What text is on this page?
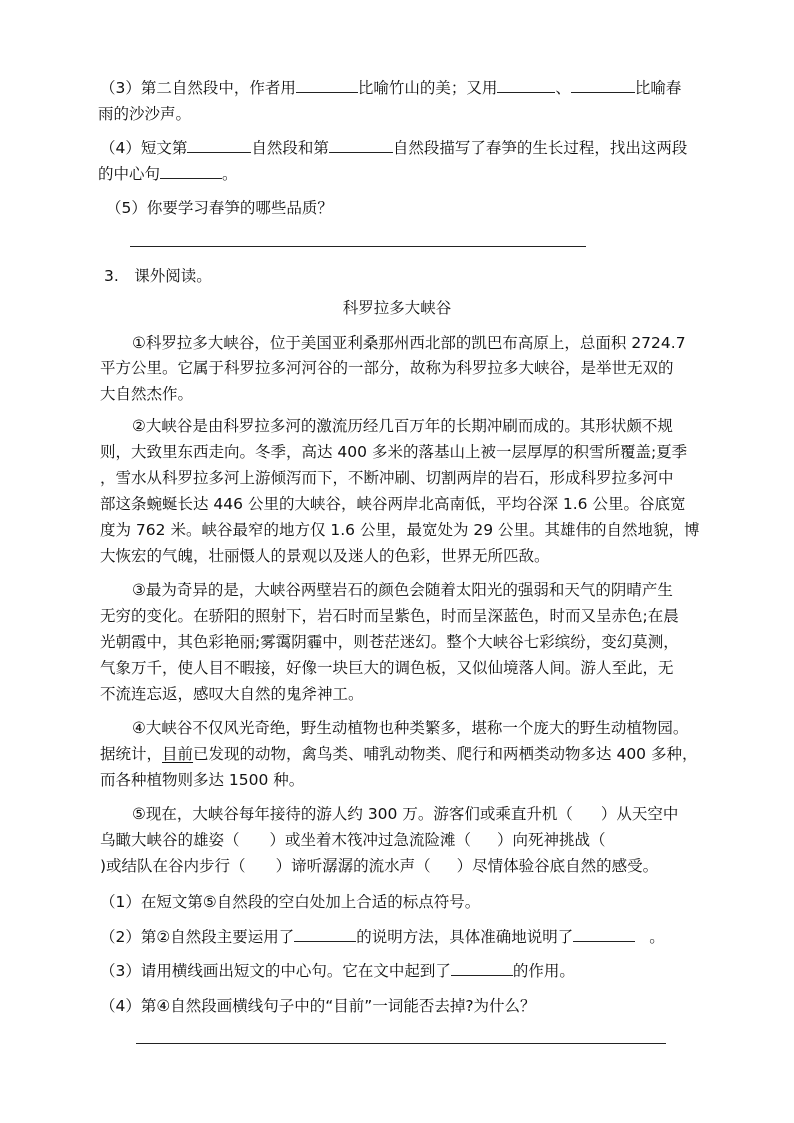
（3）第二自然段中，作者用	比喻竹山的美；又用	、	比喻春
雨的沙沙声。
（4）短文第	自然段和第	自然段描写了春笋的生长过程，找出这两段
的中心句	。
（5）你要学习春笋的哪些品质？
3.　课外阅读。
科罗拉多大峡谷
①科罗拉多大峡谷，位于美国亚利桑那州西北部的凯巴布高原上，总面积 2724.7
平方公里。它属于科罗拉多河河谷的一部分，故称为科罗拉多大峡谷，是举世无双的
大自然杰作。
②大峡谷是由科罗拉多河的激流历经几百万年的长期冲刷而成的。其形状颇不规
则，大致里东西走向。冬季，高达 400 多米的落基山上被一层厚厚的积雪所覆盖;夏季
，雪水从科罗拉多河上游倾泻而下，不断冲刷、切割两岸的岩石，形成科罗拉多河中
部这条蜿蜒长达 446 公里的大峡谷，峡谷两岸北高南低，平均谷深 1.6 公里。谷底宽
度为 762 米。峡谷最窄的地方仅 1.6 公里，最宽处为 29 公里。其雄伟的自然地貌，博
大恢宏的气魄，壮丽慑人的景观以及迷人的色彩，世界无所匹敌。
③最为奇异的是，大峡谷两壁岩石的颜色会随着太阳光的强弱和天气的阴晴产生
无穷的变化。在骄阳的照射下，岩石时而呈紫色，时而呈深蓝色，时而又呈赤色;在晨
光朝霞中，其色彩艳丽;雾霭阴霾中，则苍茫迷幻。整个大峡谷七彩缤纷，变幻莫测，
气象万千，使人目不暇接，好像一块巨大的调色板，又似仙境落人间。游人至此，无
不流连忘返，感叹大自然的鬼斧神工。
④大峡谷不仅风光奇绝，野生动植物也种类繁多，堪称一个庞大的野生动植物园。
据统计，目前已发现的动物，禽鸟类、哺乳动物类、爬行和两栖类动物多达 400 多种，
而各种植物则多达 1500 种。
⑤现在，大峡谷每年接待的游人约 300 万。游客们或乘直升机（ ）从天空中
乌瞰大峡谷的雄姿（ ）或坐着木筏冲过急流险滩（ ）向死神挑战（
)或结队在谷内步行（ ）谛听潺潺的流水声（ ）尽情体验谷底自然的感受。
（1）在短文第⑤自然段的空白处加上合适的标点符号。
（2）第②自然段主要运用了	的说明方法，具体准确地说明了	。
（3）请用横线画出短文的中心句。它在文中起到了	的作用。
（4）第④自然段画横线句子中的“目前”一词能否去掉?为什么？
